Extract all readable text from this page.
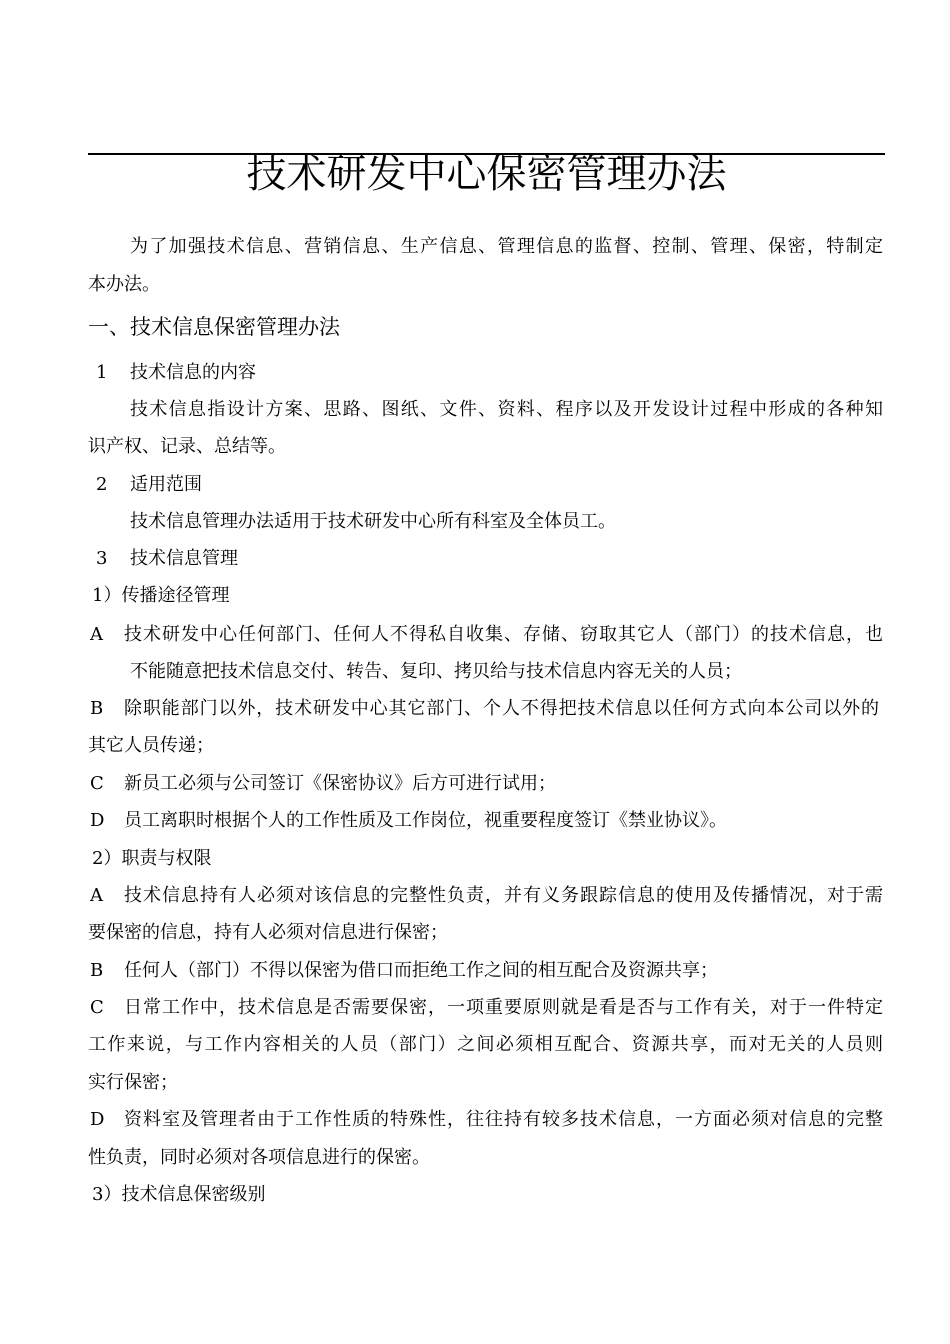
技术研发中心保密管理办法
为了加强技术信息、营销信息、生产信息、管理信息的监督、控制、管理、保密，特制定
本办法。
一、技术信息保密管理办法
1 技术信息的内容
技术信息指设计方案、思路、图纸、文件、资料、程序以及开发设计过程中形成的各种知
识产权、记录、总结等。
2 适用范围
技术信息管理办法适用于技术研发中心所有科室及全体员工。
3 技术信息管理
1）传播途径管理
A 技术研发中心任何部门、任何人不得私自收集、存储、窃取其它人（部门）的技术信息，也
不能随意把技术信息交付、转告、复印、拷贝给与技术信息内容无关的人员；
B 除职能部门以外，技术研发中心其它部门、个人不得把技术信息以任何方式向本公司以外的
其它人员传递；
C 新员工必须与公司签订《保密协议》后方可进行试用；
D 员工离职时根据个人的工作性质及工作岗位，视重要程度签订《禁业协议》。
2）职责与权限
A 技术信息持有人必须对该信息的完整性负责，并有义务跟踪信息的使用及传播情况，对于需
要保密的信息，持有人必须对信息进行保密；
B 任何人（部门）不得以保密为借口而拒绝工作之间的相互配合及资源共享；
C 日常工作中，技术信息是否需要保密，一项重要原则就是看是否与工作有关，对于一件特定
工作来说，与工作内容相关的人员（部门）之间必须相互配合、资源共享，而对无关的人员则
实行保密；
D 资料室及管理者由于工作性质的特殊性，往往持有较多技术信息，一方面必须对信息的完整
性负责，同时必须对各项信息进行的保密。
3）技术信息保密级别
